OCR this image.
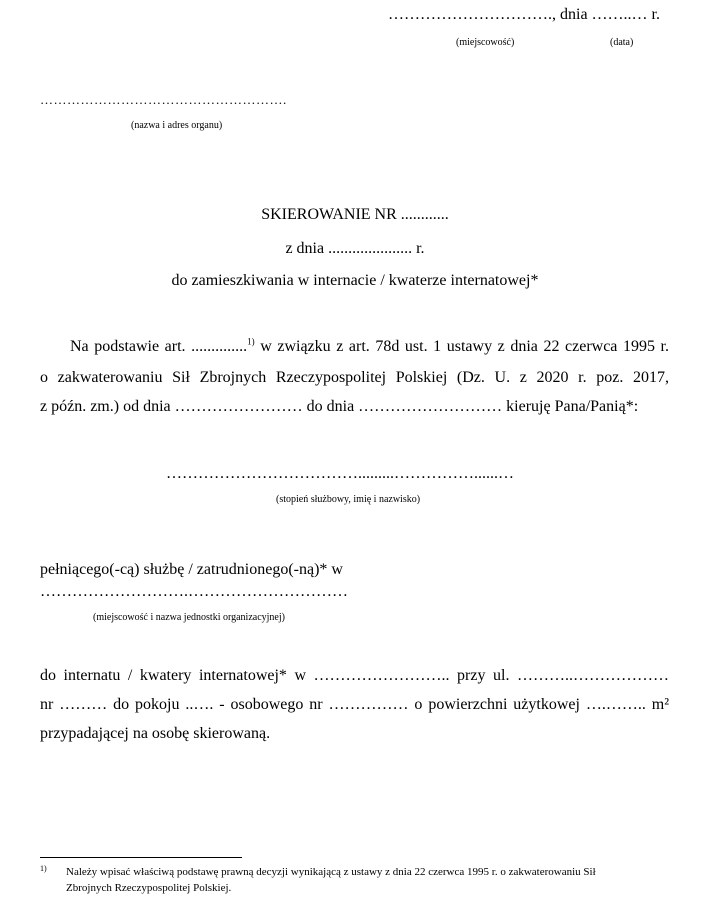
…………………………., dnia ……..… r.
(miejscowość)	(data)
……………………………………………….
(nazwa i adres organu)
SKIEROWANIE NR ............
z dnia ..................... r.
do zamieszkiwania w internacie / kwaterze internatowej*
Na podstawie art. ..............$^{1)}$ w związku z art. 78d ust. 1 ustawy z dnia 22 czerwca 1995 r.
o zakwaterowaniu Sił Zbrojnych Rzeczypospolitej Polskiej (Dz. U. z 2020 r. poz. 2017,
z późn. zm.) od dnia …………………… do dnia ……………………… kieruję Pana/Panią*:
……………………………….........……………......…
(stopień służbowy, imię i nazwisko)
pełniącego(-cą) służbę / zatrudnionego(-ną)* w
……………………….…………………………
(miejscowość i nazwa jednostki organizacyjnej)
do internatu / kwatery internatowej* w …………………….. przy ul. ………..………………
nr ……… do pokoju ..…. - osobowego nr …………… o powierzchni użytkowej ….…….. m²
przypadającej na osobę skierowaną.
1) Należy wpisać właściwą podstawę prawną decyzji wynikającą z ustawy z dnia 22 czerwca 1995 r. o zakwaterowaniu Sił
Zbrojnych Rzeczypospolitej Polskiej.
